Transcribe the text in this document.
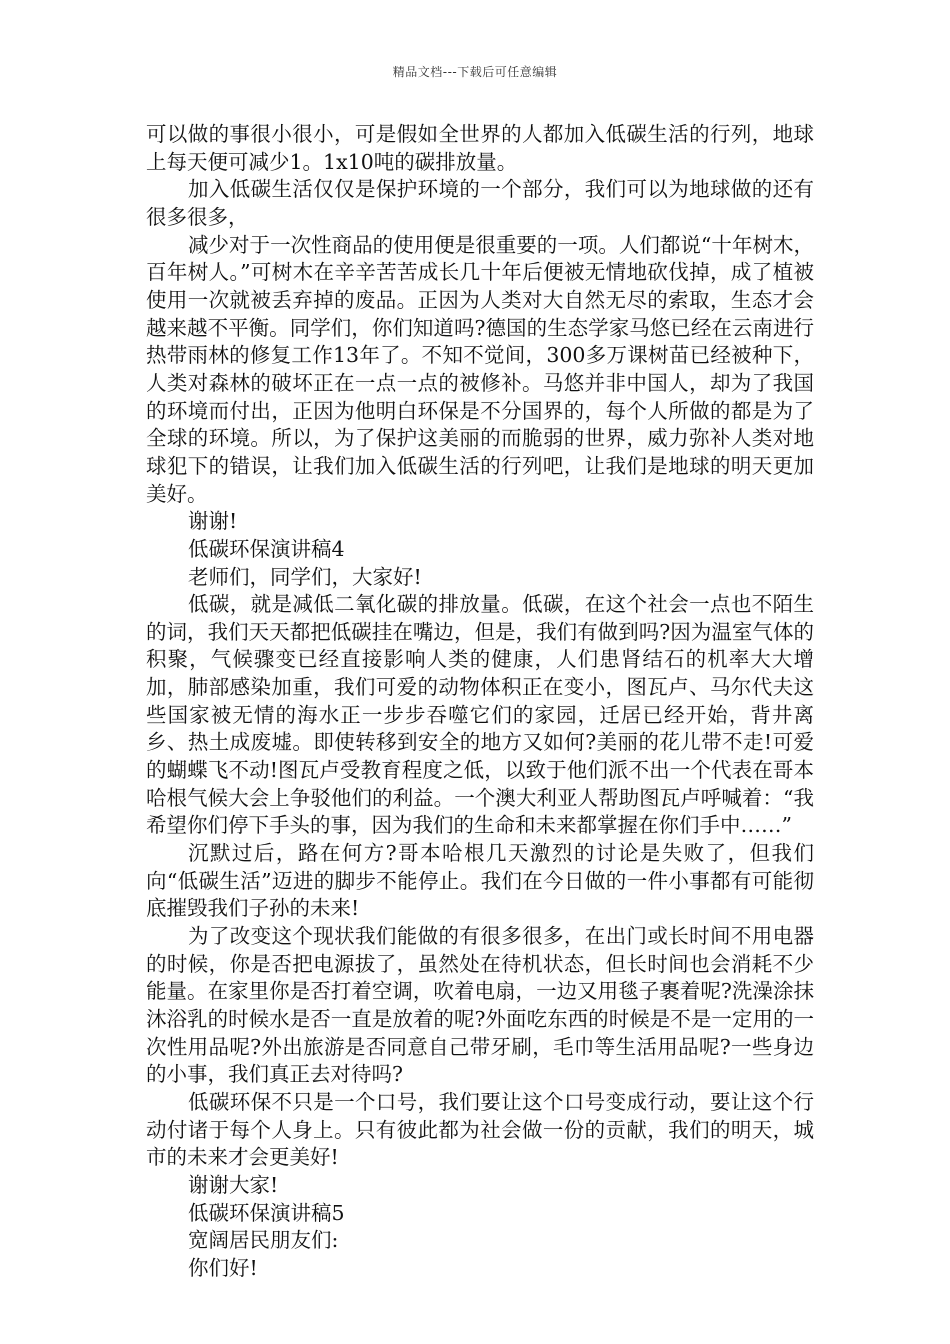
精品文档---下载后可任意编辑

可以做的事很小很小，可是假如全世界的人都加入低碳生活的行列，地球上每天便可减少1。1x10吨的碳排放量。

加入低碳生活仅仅是保护环境的一个部分，我们可以为地球做的还有很多很多，

减少对于一次性商品的使用便是很重要的一项。人们都说“十年树木，百年树人。”可树木在辛辛苦苦成长几十年后便被无情地砍伐掉，成了植被使用一次就被丢弃掉的废品。正因为人类对大自然无尽的索取，生态才会越来越不平衡。同学们，你们知道吗?德国的生态学家马悠已经在云南进行热带雨林的修复工作13年了。不知不觉间，300多万课树苗已经被种下，人类对森林的破坏正在一点一点的被修补。马悠并非中国人，却为了我国的环境而付出，正因为他明白环保是不分国界的，每个人所做的都是为了全球的环境。所以，为了保护这美丽的而脆弱的世界，威力弥补人类对地球犯下的错误，让我们加入低碳生活的行列吧，让我们是地球的明天更加美好。

谢谢!

低碳环保演讲稿4

老师们，同学们，大家好!

低碳，就是减低二氧化碳的排放量。低碳，在这个社会一点也不陌生的词，我们天天都把低碳挂在嘴边，但是，我们有做到吗?因为温室气体的积聚，气候骤变已经直接影响人类的健康，人们患肾结石的机率大大增加，肺部感染加重，我们可爱的动物体积正在变小，图瓦卢、马尔代夫这些国家被无情的海水正一步步吞噬它们的家园，迁居已经开始，背井离乡、热土成废墟。即使转移到安全的地方又如何?美丽的花儿带不走!可爱的蝴蝶飞不动!图瓦卢受教育程度之低，以致于他们派不出一个代表在哥本哈根气候大会上争驳他们的利益。一个澳大利亚人帮助图瓦卢呼喊着：“我希望你们停下手头的事，因为我们的生命和未来都掌握在你们手中……”

沉默过后，路在何方?哥本哈根几天激烈的讨论是失败了，但我们向“低碳生活”迈进的脚步不能停止。我们在今日做的一件小事都有可能彻底摧毁我们子孙的未来!

为了改变这个现状我们能做的有很多很多，在出门或长时间不用电器的时候，你是否把电源拔了，虽然处在待机状态，但长时间也会消耗不少能量。在家里你是否打着空调，吹着电扇，一边又用毯子裹着呢?洗澡涂抹沐浴乳的时候水是否一直是放着的呢?外面吃东西的时候是不是一定用的一次性用品呢?外出旅游是否同意自己带牙刷，毛巾等生活用品呢?一些身边的小事，我们真正去对待吗?

低碳环保不只是一个口号，我们要让这个口号变成行动，要让这个行动付诸于每个人身上。只有彼此都为社会做一份的贡献，我们的明天，城市的未来才会更美好!

谢谢大家!

低碳环保演讲稿5

宽阔居民朋友们:

你们好!
